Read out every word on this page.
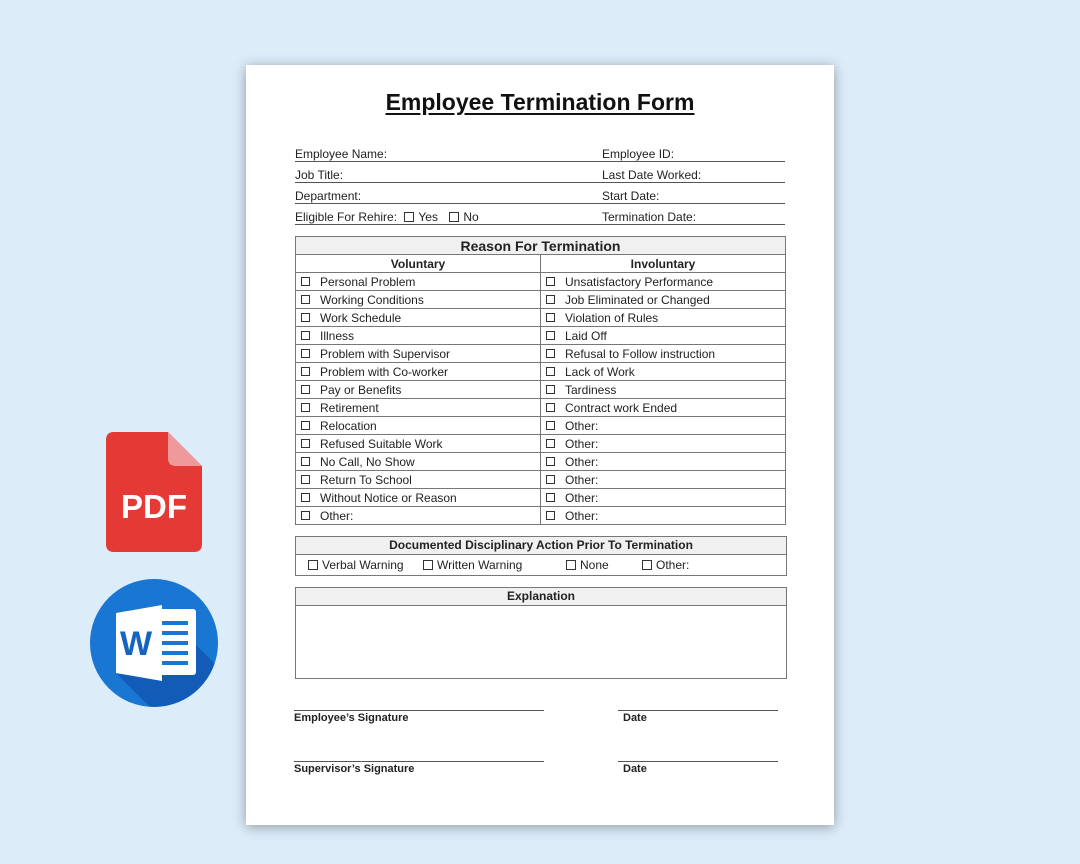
Employee Termination Form
Employee Name:	Employee ID:
Job Title:	Last Date Worked:
Department:	Start Date:
Eligible For Rehire: Yes No	Termination Date:
Reason For Termination	
Voluntary	Involuntary
Personal Problem	Unsatisfactory Performance
Working Conditions	Job Eliminated or Changed
Work Schedule	Violation of Rules
Illness	Laid Off
Problem with Supervisor	Refusal to Follow instruction
Problem with Co-worker	Lack of Work
Pay or Benefits	Tardiness
Retirement	Contract work Ended
Relocation	Other:
Refused Suitable Work	Other:
No Call, No Show	Other:
Return To School	Other:
Without Notice or Reason	Other:
Other:	Other:
Documented Disciplinary Action Prior To Termination
Verbal Warning	Written Warning	None	Other:
Explanation
Employee’s Signature	Date
Supervisor’s Signature	Date
PDF
W
